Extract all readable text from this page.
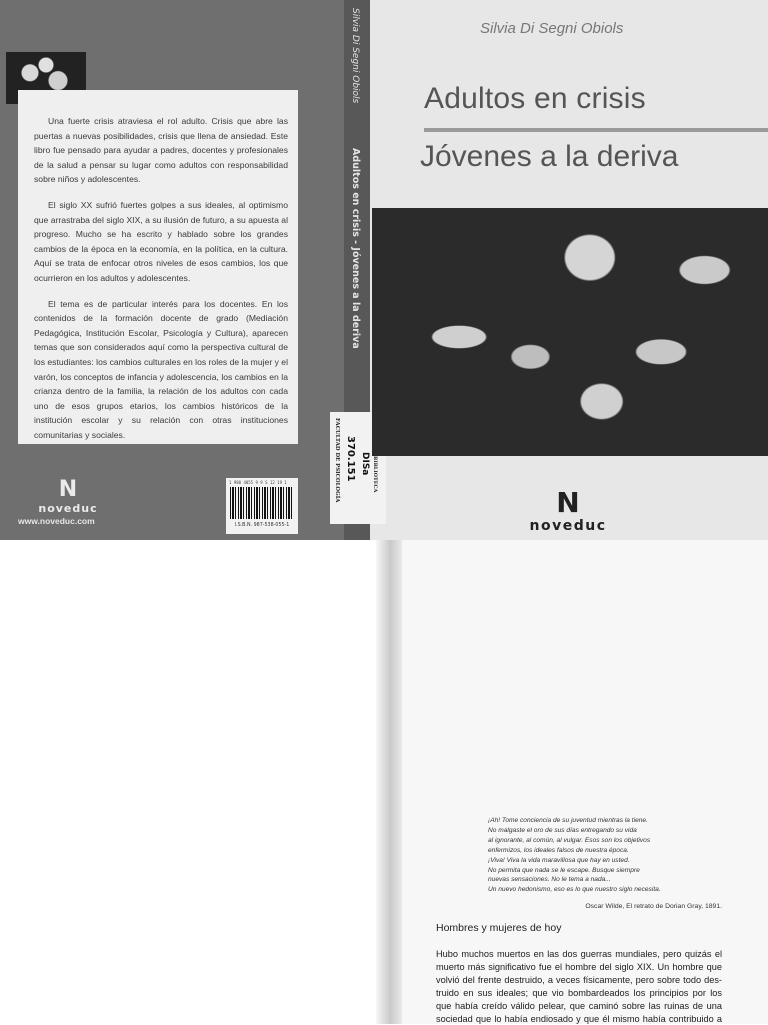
Una fuerte crisis atraviesa el rol adulto. Crisis que abre las puertas a nuevas posibilidades, crisis que llena de ansiedad. Este libro fue pensado para ayudar a padres, docentes y profesionales de la salud a pensar su lugar como adultos con responsabilidad sobre niños y adolescentes.

El siglo XX sufrió fuertes golpes a sus ideales, al optimismo que arrastraba del siglo XIX, a su ilusión de futuro, a su apuesta al progreso. Mucho se ha escrito y hablado sobre los grandes cambios de la época en la economía, en la política, en la cultura. Aquí se trata de enfocar otros niveles de esos cambios, los que ocurrieron en los adultos y adolescentes.

El tema es de particular interés para los docentes. En los contenidos de la formación docente de grado (Mediación Pedagógica, Institución Escolar, Psicología y Cultura), aparecen temas que son considerados aquí como la perspectiva cultural de los estudiantes: los cambios culturales en los roles de la mujer y el varón, los conceptos de infancia y adolescencia, los cambios en la crianza dentro de la familia, la relación de los adultos con cada uno de esos grupos etarios, los cambios históricos de la institución escolar y su relación con otras instituciones comunitarias y sociales.

N
noveduc
www.noveduc.com
1 980 4055 9 9 S 12 19 1
I.S.B.N. 987-538-055-1
Silvia Di Segni Obiols
Adultos en crisis - Jóvenes a la deriva
FACULTAD DE PSICOLOGÍA 370.151 DISa BIBLIOTECA
Silvia Di Segni Obiols
Adultos en crisis
Jóvenes a la deriva
N
noveduc
¡Ah! Tome conciencia de su juventud mientras la tiene.
No malgaste el oro de sus días entregando su vida
al ignorante, al común, al vulgar. Esos son los objetivos
enfermizos, los ideales falsos de nuestra época.
¡Viva! Viva la vida maravillosa que hay en usted.
No permita que nada se le escape. Busque siempre
nuevas sensaciones. No le tema a nada...
Un nuevo hedonismo, eso es lo que nuestro siglo necesita.
Oscar Wilde, El retrato de Dorian Gray, 1891.
Hombres y mujeres de hoy
Hubo muchos muertos en las dos guerras mundiales, pero quizás el
muerto más significativo fue el hombre del siglo XIX. Un hombre que
volvió del frente destruido, a veces físicamente, pero sobre todo des-
truido en sus ideales; que vio bombardeados los principios por los
que había creído válido pelear, que caminó sobre las ruinas de una
sociedad que lo había endiosado y que él mismo había contribuido a
